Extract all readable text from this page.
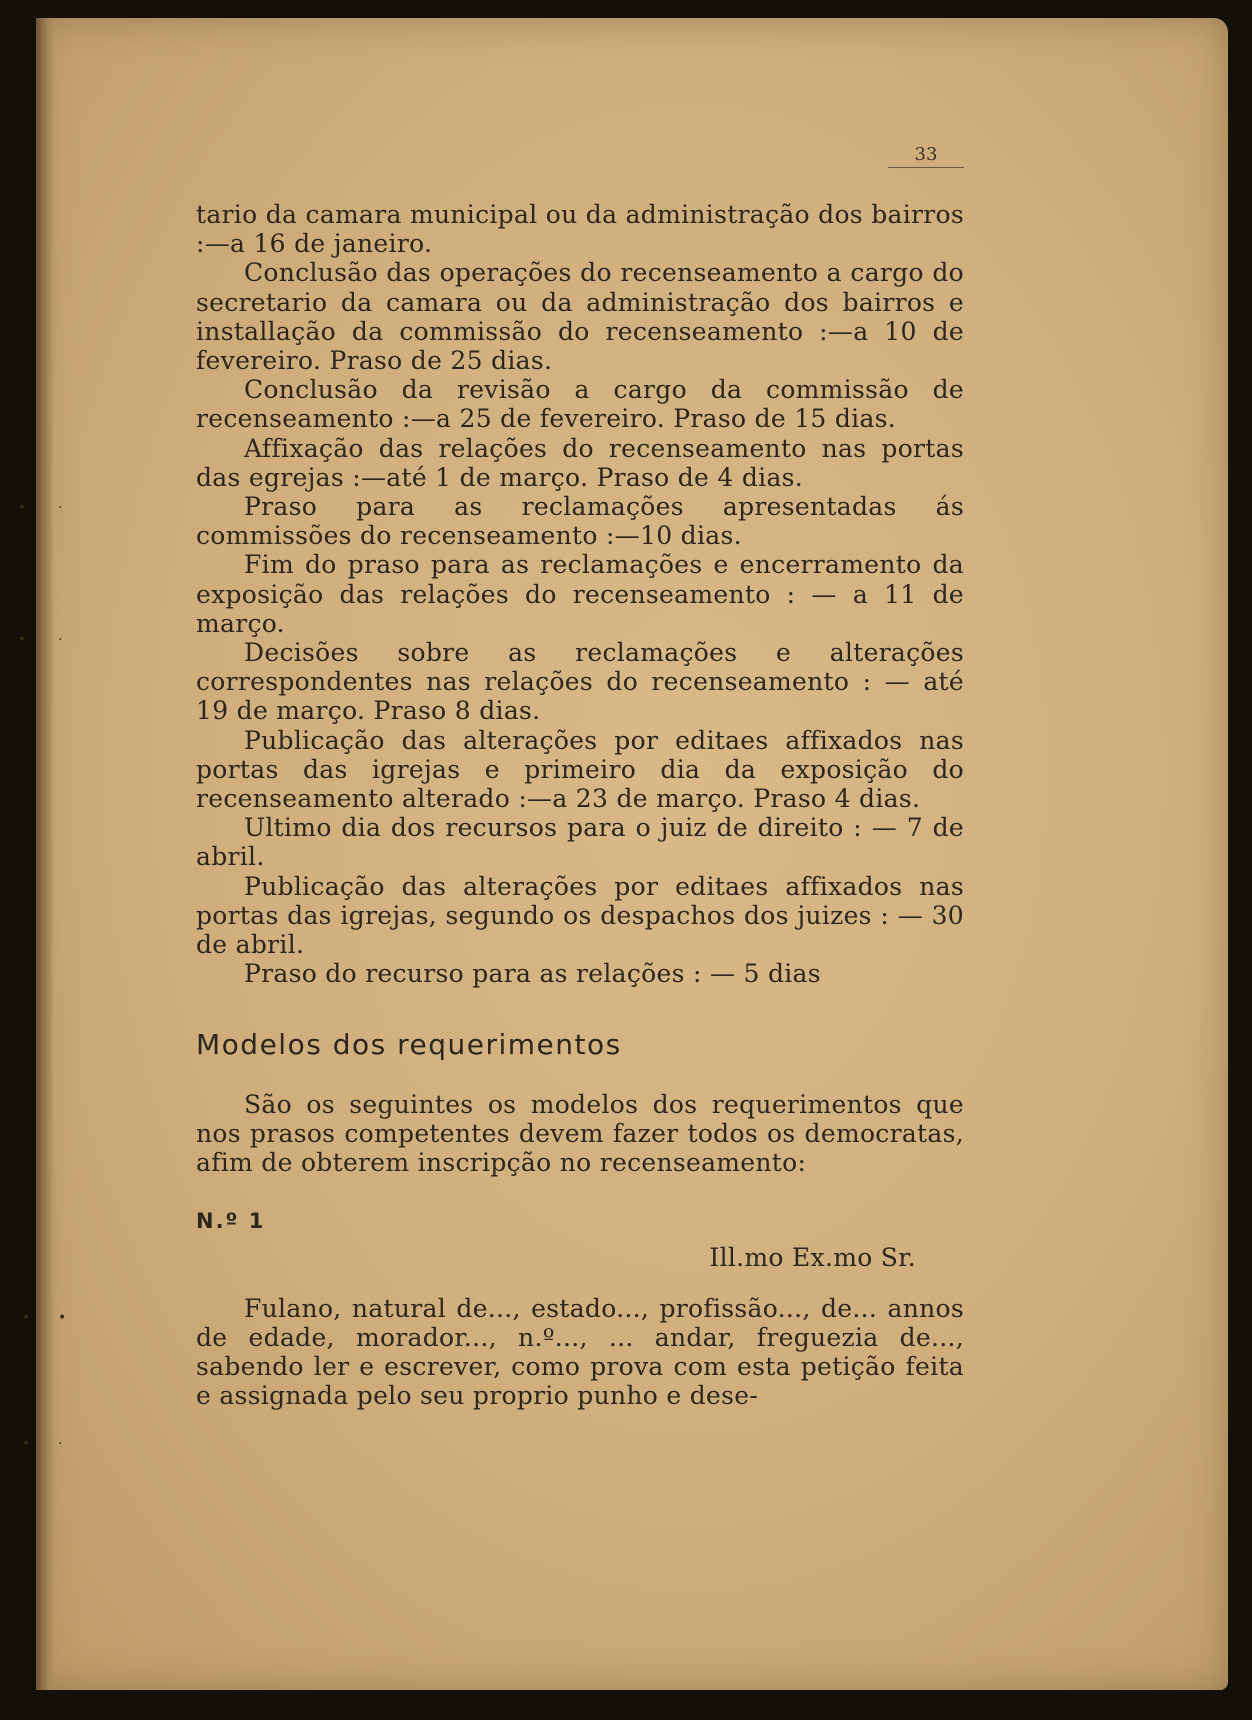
• ·
• ·
• •
• ·
33

tario da camara municipal ou da administração dos bairros :—a 16 de janeiro.

Conclusão das operações do recenseamento a cargo do secretario da camara ou da administração dos bairros e installação da commissão do recenseamento :—a 10 de fevereiro. Praso de 25 dias.

Conclusão da revisão a cargo da commissão de recenseamento :—a 25 de fevereiro. Praso de 15 dias.

Affixação das relações do recenseamento nas portas das egrejas :—até 1 de março. Praso de 4 dias.

Praso para as reclamações apresentadas ás commissões do recenseamento :—10 dias.

Fim do praso para as reclamações e encerramento da exposição das relações do recenseamento : — a 11 de março.

Decisões sobre as reclamações e alterações correspondentes nas relações do recenseamento : — até 19 de março. Praso 8 dias.

Publicação das alterações por editaes affixados nas portas das igrejas e primeiro dia da exposição do recenseamento alterado :—a 23 de março. Praso 4 dias.

Ultimo dia dos recursos para o juiz de direito : — 7 de abril.

Publicação das alterações por editaes affixados nas portas das igrejas, segundo os despachos dos juizes : — 30 de abril.

Praso do recurso para as relações : — 5 dias

Modelos dos requerimentos

São os seguintes os modelos dos requerimentos que nos prasos competentes devem fazer todos os democratas, afim de obterem inscripção no recenseamento:

N.º 1

Ill.mo Ex.mo Sr.

Fulano, natural de..., estado..., profissão..., de... annos de edade, morador..., n.º..., ... andar, freguezia de..., sabendo ler e escrever, como prova com esta petição feita e assignada pelo seu proprio punho e dese-
